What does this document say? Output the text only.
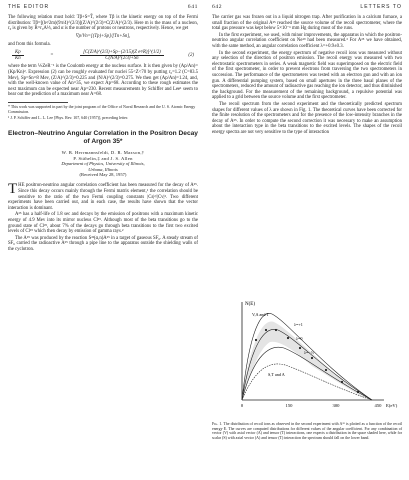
THE EDITOR	641

The following relation must hold: Tβ+S=T̄, where Tβ is the kinetic energy on top of the Fermi distribution: Tβ=[(h²/2m)(9π/4)^(2/3)](Z/A)^(2/3)=C(Z/A)^(2/3). Here m is the mass of a nucleon, r₀ is given by R=r₀A⅓, and α is the number of protons or neutrons, respectively. Hence, we get

V̄p/Vn=[(Tp)+Sp]/[Tn+Sn],

and from this formula.

$\frac{Kp}{Kn}$	=	$\frac{\text{[C(Z/A)\textasciicircum{}(2/3)+Sp−(2/15)(Z e²/R)]\textasciicircum{}(1/2)}}{C(N/A)\^{}(2/3)+Sn}$	(2)

where the term ⅕ZeR⁻¹ is the Coulomb energy at the nucleus surface. It is then given by (Ap/An)=(Kp/Kn)². Expression (2) can be roughly evaluated for nuclei 55<Z<70 by putting r₀=1.2 (C=83.5 Mev), Sp=Sn=8 Mev, (Z/A)^(2/3)=0.225 and (N/A)^(2/3)=0.275. We then get (Ap/An)=1.24, and, with the well-known value of An=35, we expect Ap=68. According to these rough estimates the next maximum can be expected near Ap=230. Recent measurements by Schiffer and Lee¹ seem to bear out the prediction of a maximum near A=68.

* This work was supported in part by the joint program of the Office of Naval Research and the U. S. Atomic Energy Commission.

¹ J. P. Schiffer and L. L. Lee [Phys. Rev. 107, 640 (1957)], preceding letter.

Electron–Neutrino Angular Correlation in the Positron Decay of Argon 35*
W. B. Herrmannsfeldt, D. R. Maxson,†
P. Stähelin,‡ and J. S. Allen
Department of Physics, University of Illinois,
Urbana, Illinois
(Received May 28, 1957)

THE positron-neutrino angular correlation coefficient has been measured for the decay of A³⁵. Since this decay occurs mainly through the Fermi matrix element,¹ the correlation should be sensitive to the ratio of the two Fermi coupling constants |Cs|²/|Cv|². Two different experiments have been carried out, and in each case, the results have shown that the vector interaction is dominant.

A³⁵ has a half-life of 1.8 sec and decays by the emission of positrons with a maximum kinetic energy of 4.9 Mev into its mirror nucleus Cl³⁵. Although most of the beta transitions go to the ground state of Cl³⁵, about 7% of the decays go through beta transitions to the first two excited levels of Cl³⁵ which then decay by emission of gamma rays.²

The A³⁵ was produced by the reaction S³²(α,n)A³⁵ in a target of gaseous SF₆. A steady stream of SF₆ carried the radioactive A³⁵ through a pipe line to the apparatus outside the shielding walls of the cyclotron.

642	LETTERS TO

The carrier gas was frozen out in a liquid nitrogen trap. After purification in a calcium furnace, a small fraction of the original A³⁵ reached the source volume of the recoil spectrometer, where the total gas pressure was kept below 5×10⁻⁶ mm Hg during most of the runs.

In the first experiment, we used, with minor improvements, the apparatus in which the positron-neutrino angular correlation coefficient on Ne¹⁹ had been measured.³ For A³⁵ we have obtained, with the same method, an angular correlation coefficient λ=+0.9±0.3.

In the second experiment, the energy spectrum of negative recoil ions was measured without any selection of the direction of positron emission. The recoil energy was measured with two electrostatic spectrometers in series. A weak magnetic field was superimposed on the electric field of the first spectrometer, in order to prevent electrons from traversing the two spectrometers in succession. The performance of the spectrometers was tested with an electron gun and with an ion gun. A differential pumping system, based on small apertures in the three basal planes of the spectrometers, reduced the amount of radioactive gas reaching the ion detector, and thus diminished the background. For the measurement of the remaining background, a repulsive potential was applied to a grid between the source volume and the first spectrometer.

The recoil spectrum from the second experiment and the theoretically predicted spectrum shapes for different values of λ are shown in Fig. 1. The theoretical curves have been corrected for the finite resolution of the spectrometers and for the presence of the low-intensity branches in the decay of A³⁵. In order to compute the second correction it was necessary to make an assumption about the interaction type in the beta transitions to the excited levels. The shapes of the recoil energy spectra are not very sensitive to the type of interaction

N(E)
V,A and T
λ=+1
λ=0
λ=−⅓
S,T and A
0	150	300	450 E(eV)
Fig. 1. The distribution of recoil ions as observed in the second experiment with A³⁵ is plotted as a function of the recoil energy E. The curves are computed distributions for different values of the angular coefficient. For any combination of vector (V) with axial vector (A) and tensor (T) interactions, one expects a distribution in the space shaded here, while for scalar (S) with axial vector (A) and tensor (T) interaction the spectrum should fall on the lower band.
